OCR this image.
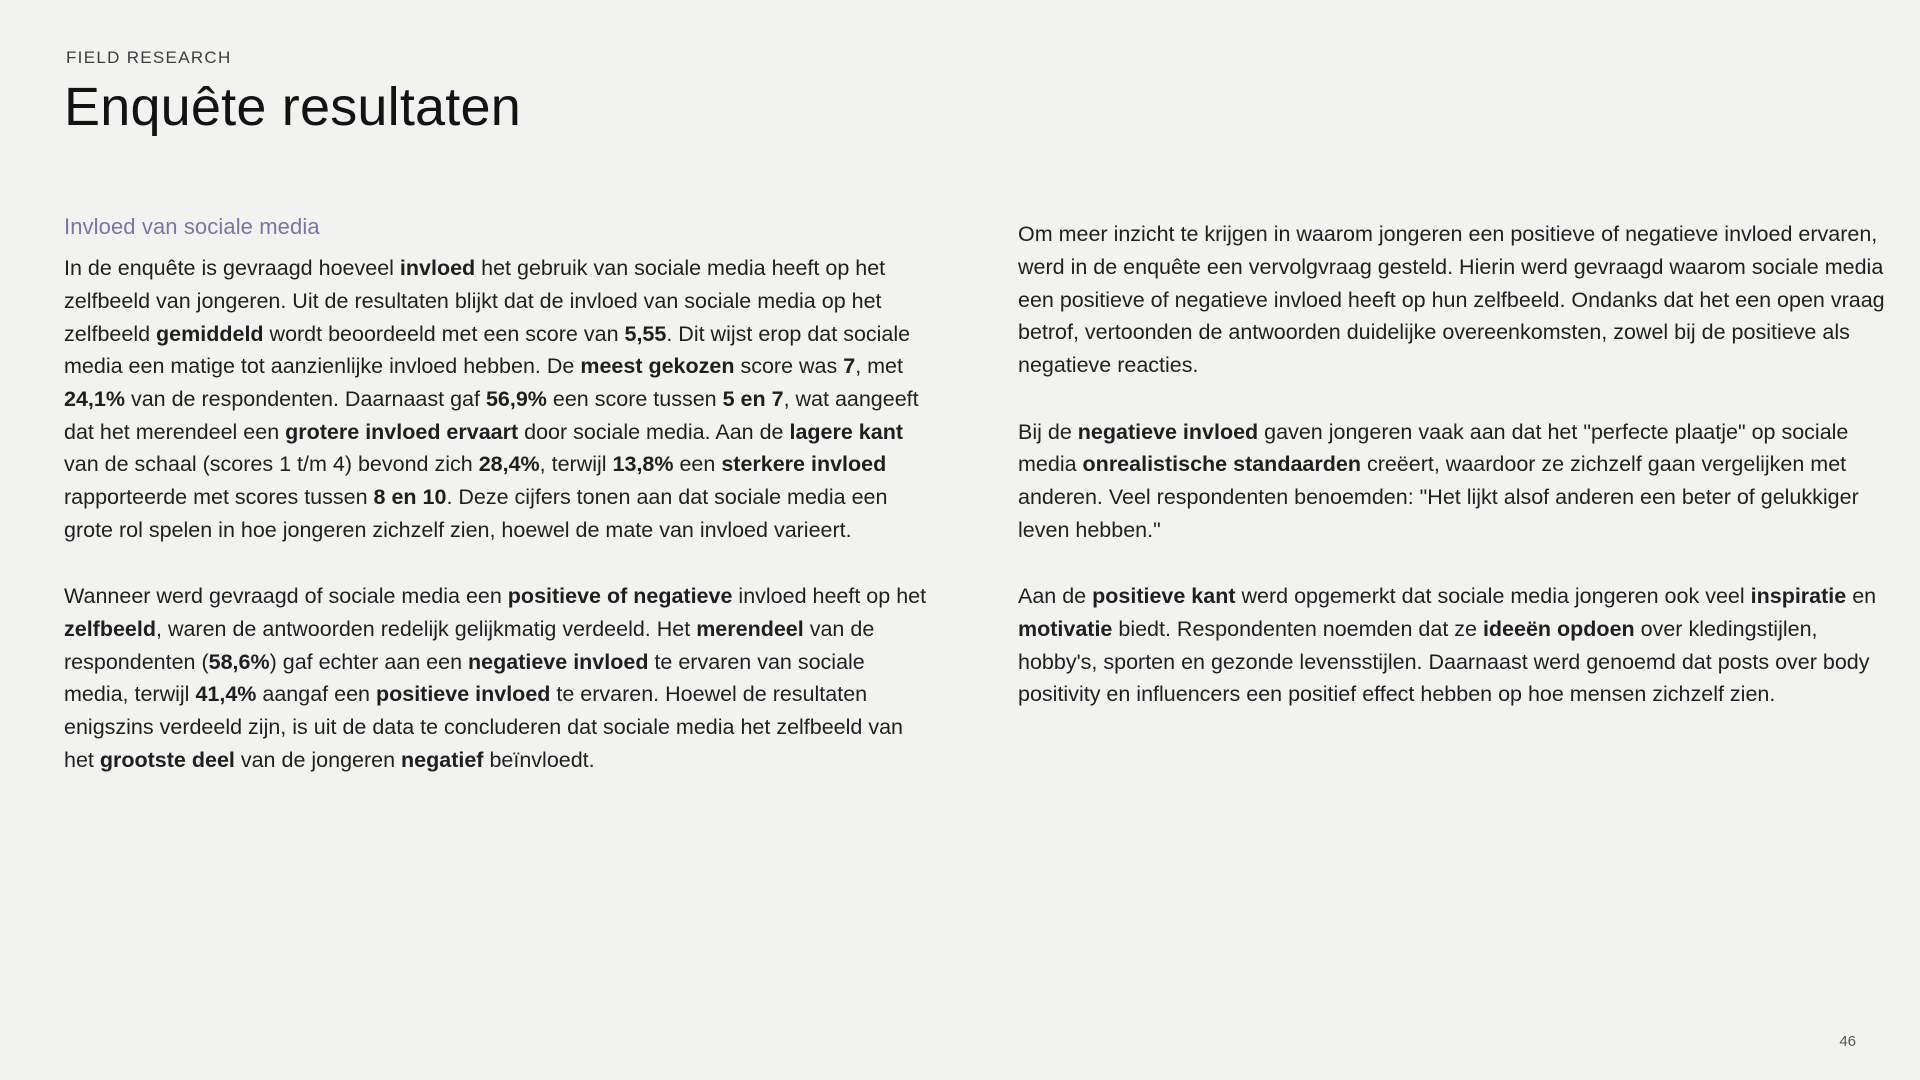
FIELD RESEARCH
Enquête resultaten
Invloed van sociale media

In de enquête is gevraagd hoeveel invloed het gebruik van sociale media heeft op het zelfbeeld van jongeren. Uit de resultaten blijkt dat de invloed van sociale media op het zelfbeeld gemiddeld wordt beoordeeld met een score van 5,55. Dit wijst erop dat sociale media een matige tot aanzienlijke invloed hebben. De meest gekozen score was 7, met 24,1% van de respondenten. Daarnaast gaf 56,9% een score tussen 5 en 7, wat aangeeft dat het merendeel een grotere invloed ervaart door sociale media. Aan de lagere kant van de schaal (scores 1 t/m 4) bevond zich 28,4%, terwijl 13,8% een sterkere invloed rapporteerde met scores tussen 8 en 10. Deze cijfers tonen aan dat sociale media een grote rol spelen in hoe jongeren zichzelf zien, hoewel de mate van invloed varieert.

Wanneer werd gevraagd of sociale media een positieve of negatieve invloed heeft op het zelfbeeld, waren de antwoorden redelijk gelijkmatig verdeeld. Het merendeel van de respondenten (58,6%) gaf echter aan een negatieve invloed te ervaren van sociale media, terwijl 41,4% aangaf een positieve invloed te ervaren. Hoewel de resultaten enigszins verdeeld zijn, is uit de data te concluderen dat sociale media het zelfbeeld van het grootste deel van de jongeren negatief beïnvloedt.

Om meer inzicht te krijgen in waarom jongeren een positieve of negatieve invloed ervaren, werd in de enquête een vervolgvraag gesteld. Hierin werd gevraagd waarom sociale media een positieve of negatieve invloed heeft op hun zelfbeeld. Ondanks dat het een open vraag betrof, vertoonden de antwoorden duidelijke overeenkomsten, zowel bij de positieve als negatieve reacties.

Bij de negatieve invloed gaven jongeren vaak aan dat het "perfecte plaatje" op sociale media onrealistische standaarden creëert, waardoor ze zichzelf gaan vergelijken met anderen. Veel respondenten benoemden: "Het lijkt alsof anderen een beter of gelukkiger leven hebben."

Aan de positieve kant werd opgemerkt dat sociale media jongeren ook veel inspiratie en motivatie biedt. Respondenten noemden dat ze ideeën opdoen over kledingstijlen, hobby's, sporten en gezonde levensstijlen. Daarnaast werd genoemd dat posts over body positivity en influencers een positief effect hebben op hoe mensen zichzelf zien.

46
